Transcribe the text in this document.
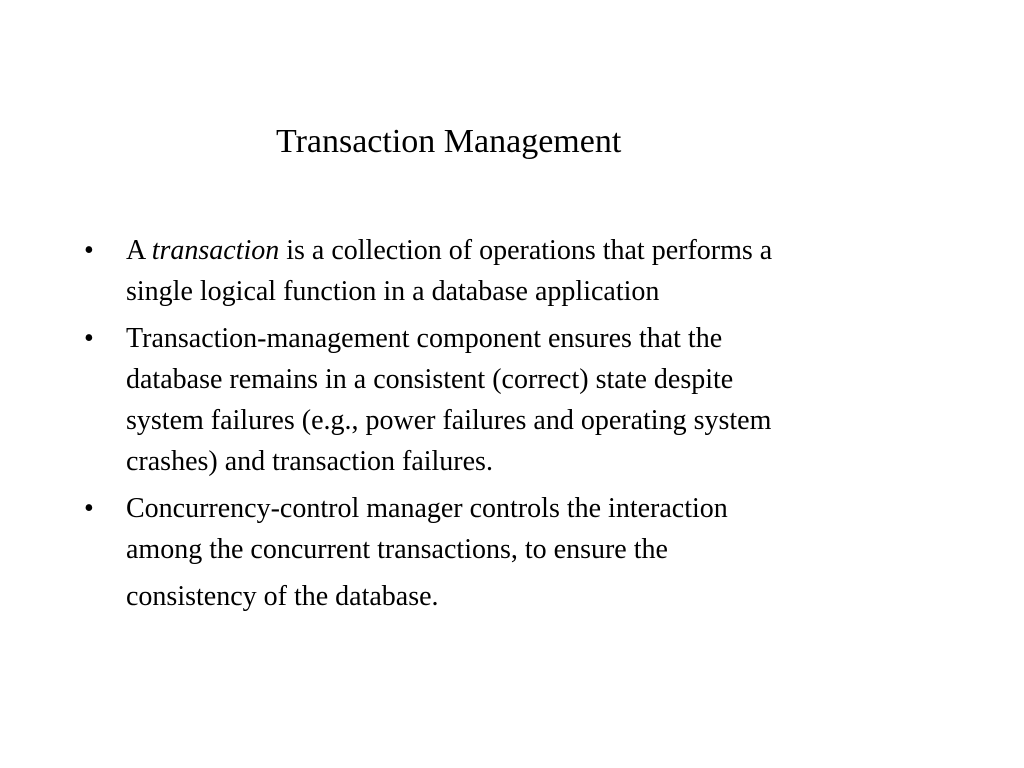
Transaction Management
•	A transaction is a collection of operations that performs a
single logical function in a database application
•	Transaction-management component ensures that the
database remains in a consistent (correct) state despite
system failures (e.g., power failures and operating system
crashes) and transaction failures.
•	Concurrency-control manager controls the interaction
among the concurrent transactions, to ensure the
consistency of the database.
